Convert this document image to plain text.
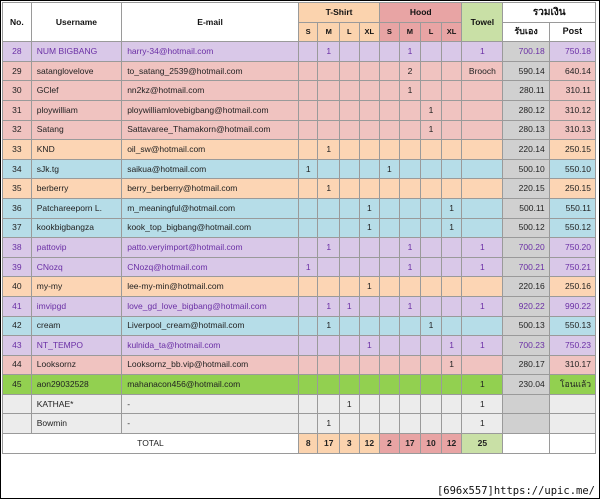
No.	Username	E-mail	T-Shirt				Hood				Towel	รวมเงิน	
			S	M	L	XL	S	M	L	XL		รับเอง	Post
28	NUM BIGBANG	harry-34@hotmail.com		1				1			1	700.18	750.18
29	satanglovelove	to_satang_2539@hotmail.com						2			Brooch	590.14	640.14
30	GClef	nn2kz@hotmail.com						1				280.11	310.11
31	ploywilliam	ploywilliamlovebigbang@hotmail.com							1			280.12	310.12
32	Satang	Sattavaree_Thamakorn@hotmail.com							1			280.13	310.13
33	KND	oil_sw@hotmail.com		1								220.14	250.15
34	sJk.tg	saikua@hotmail.com	1				1					500.10	550.10
35	berberry	berry_berberry@hotmail.com		1								220.15	250.15
36	Patchareeporn L.	m_meaningful@hotmail.com				1				1		500.11	550.11
37	kookbigbangza	kook_top_bigbang@hotmail.com				1				1		500.12	550.12
38	pattovip	patto.veryimport@hotmail.com		1				1			1	700.20	750.20
39	CNozq	CNozq@hotmail.com	1					1			1	700.21	750.21
40	my-my	lee-my-min@hotmail.com				1						220.16	250.16
41	imvipgd	love_gd_love_bigbang@hotmail.com		1	1			1			1	920.22	990.22
42	cream	Liverpool_cream@hotmail.com		1					1			500.13	550.13
43	NT_TEMPO	kulnida_ta@hotmail.com				1				1	1	700.23	750.23
44	Looksornz	Looksornz_bb.vip@hotmail.com								1		280.17	310.17
45	aon29032528	mahanacon456@hotmail.com									1	230.04	โอนแล้ว
	KATHAE*	-			1						1		
	Bowmin	-		1							1		
TOTAL			8	17	3	12	2	17	10	12	25		
[696x557]https://upic.me/
